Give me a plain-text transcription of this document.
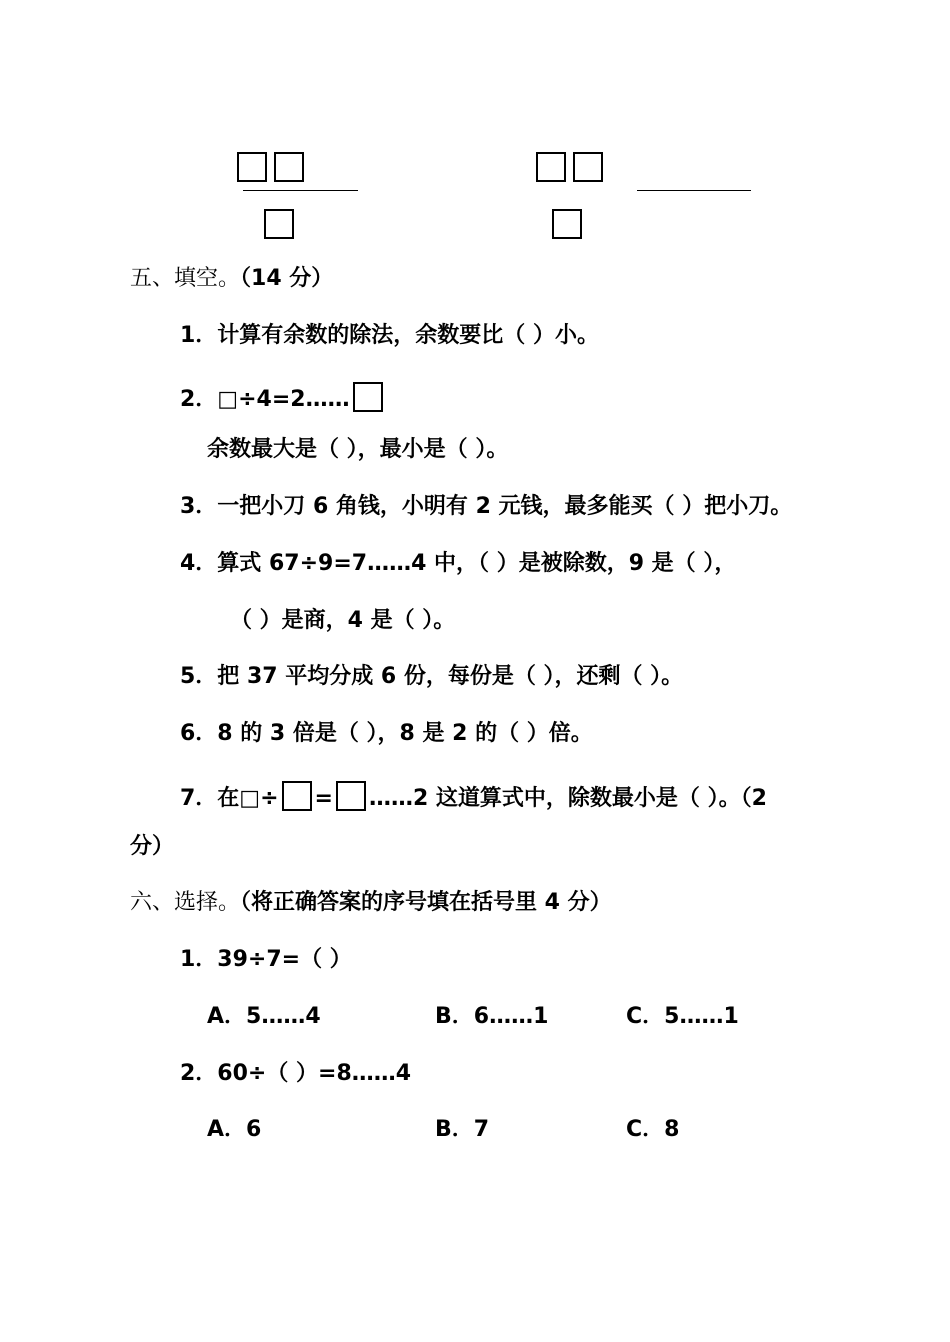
五、填空。（14 分）
1．计算有余数的除法，余数要比（ ）小。
2．□÷4=2……
余数最大是（ ），最小是（ ）。
3．一把小刀 6 角钱，小明有 2 元钱，最多能买（ ）把小刀。
4．算式 67÷9=7……4 中，（ ）是被除数，9 是（ ），
（ ）是商，4 是（ ）。
5．把 37 平均分成 6 份，每份是（ ），还剩（ ）。
6．8 的 3 倍是（ ），8 是 2 的（ ）倍。
7．在□÷ = ……2 这道算式中，除数最小是（ ）。（2
分）
六、选择。（将正确答案的序号填在括号里 4 分）
1．39÷7=（ ）
A．5……4	B．6……1	C．5……1
2．60÷（ ）=8……4
A．6	B．7	C．8
